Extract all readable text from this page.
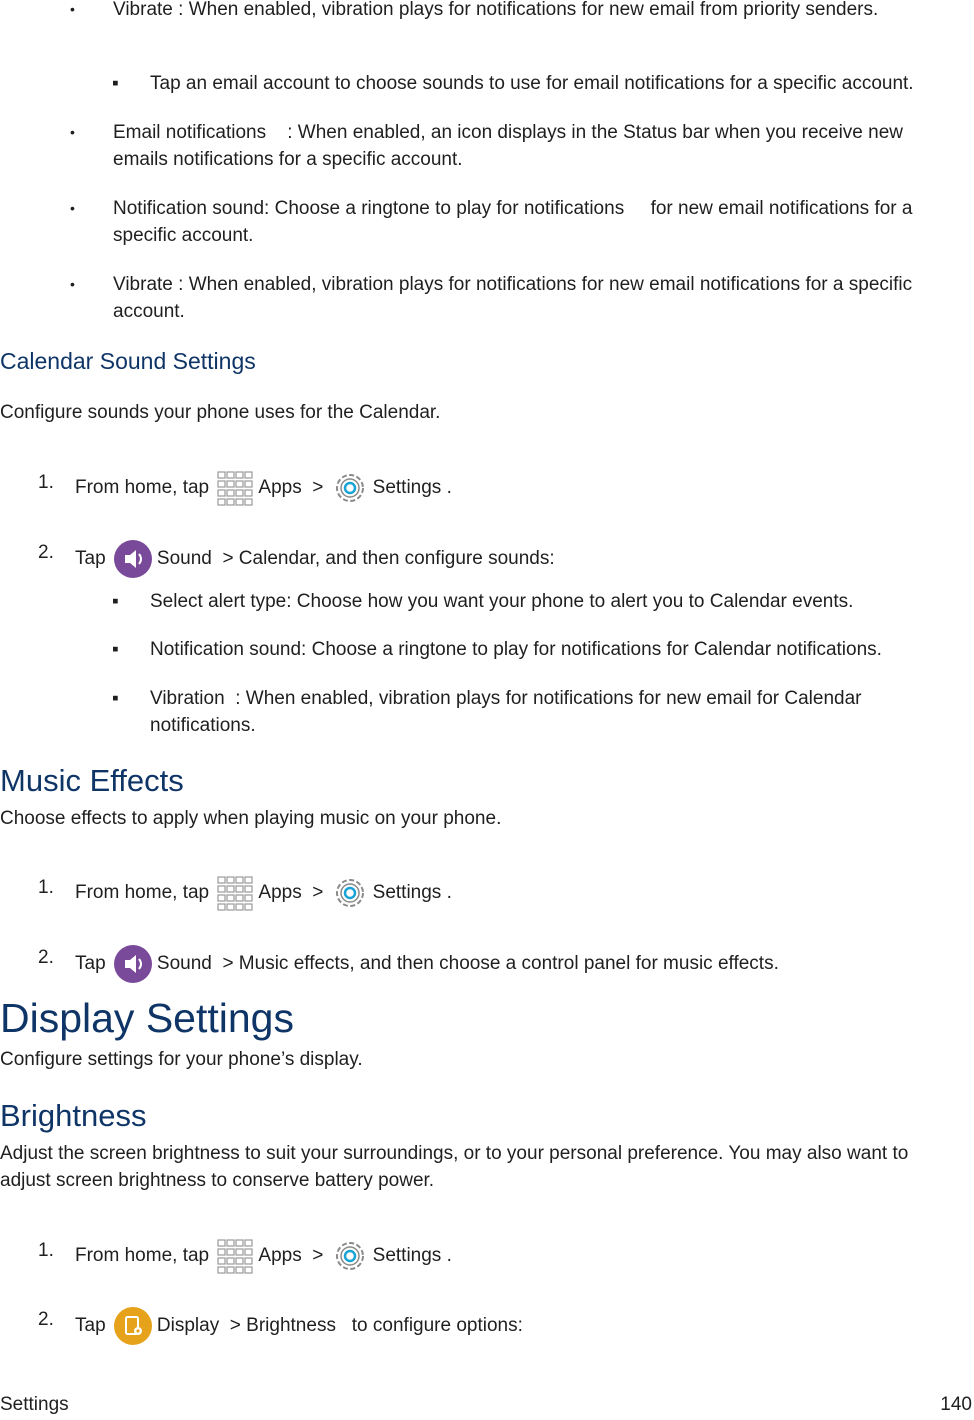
•	Vibrate : When enabled, vibration plays for notifications for new email from priority senders.
▪	Tap an email account to choose sounds to use for email notifications for a specific account.
•	Email notifications    : When enabled, an icon displays in the Status bar when you receive new emails notifications for a specific account.
•	Notification sound: Choose a ringtone to play for notifications     for new email notifications for a specific account.
•	Vibrate : When enabled, vibration plays for notifications for new email notifications for a specific account.
Calendar Sound Settings
Configure sounds your phone uses for the Calendar.
1. From home, tap	Apps >	Settings .
2. Tap	Sound > Calendar, and then configure sounds:
▪	Select alert type: Choose how you want your phone to alert you to Calendar events.
▪	Notification sound: Choose a ringtone to play for notifications for Calendar notifications.
▪	Vibration  : When enabled, vibration plays for notifications for new email for Calendar notifications.
Music Effects
Choose effects to apply when playing music on your phone.
1. From home, tap	Apps >	Settings .
2. Tap	Sound > Music effects, and then choose a control panel for music effects.
Display Settings
Configure settings for your phone’s display.
Brightness
Adjust the screen brightness to suit your surroundings, or to your personal preference. You may also want to adjust screen brightness to conserve battery power.
1. From home, tap	Apps >	Settings .
2. Tap	Display > Brightness   to configure options:
Settings	140
